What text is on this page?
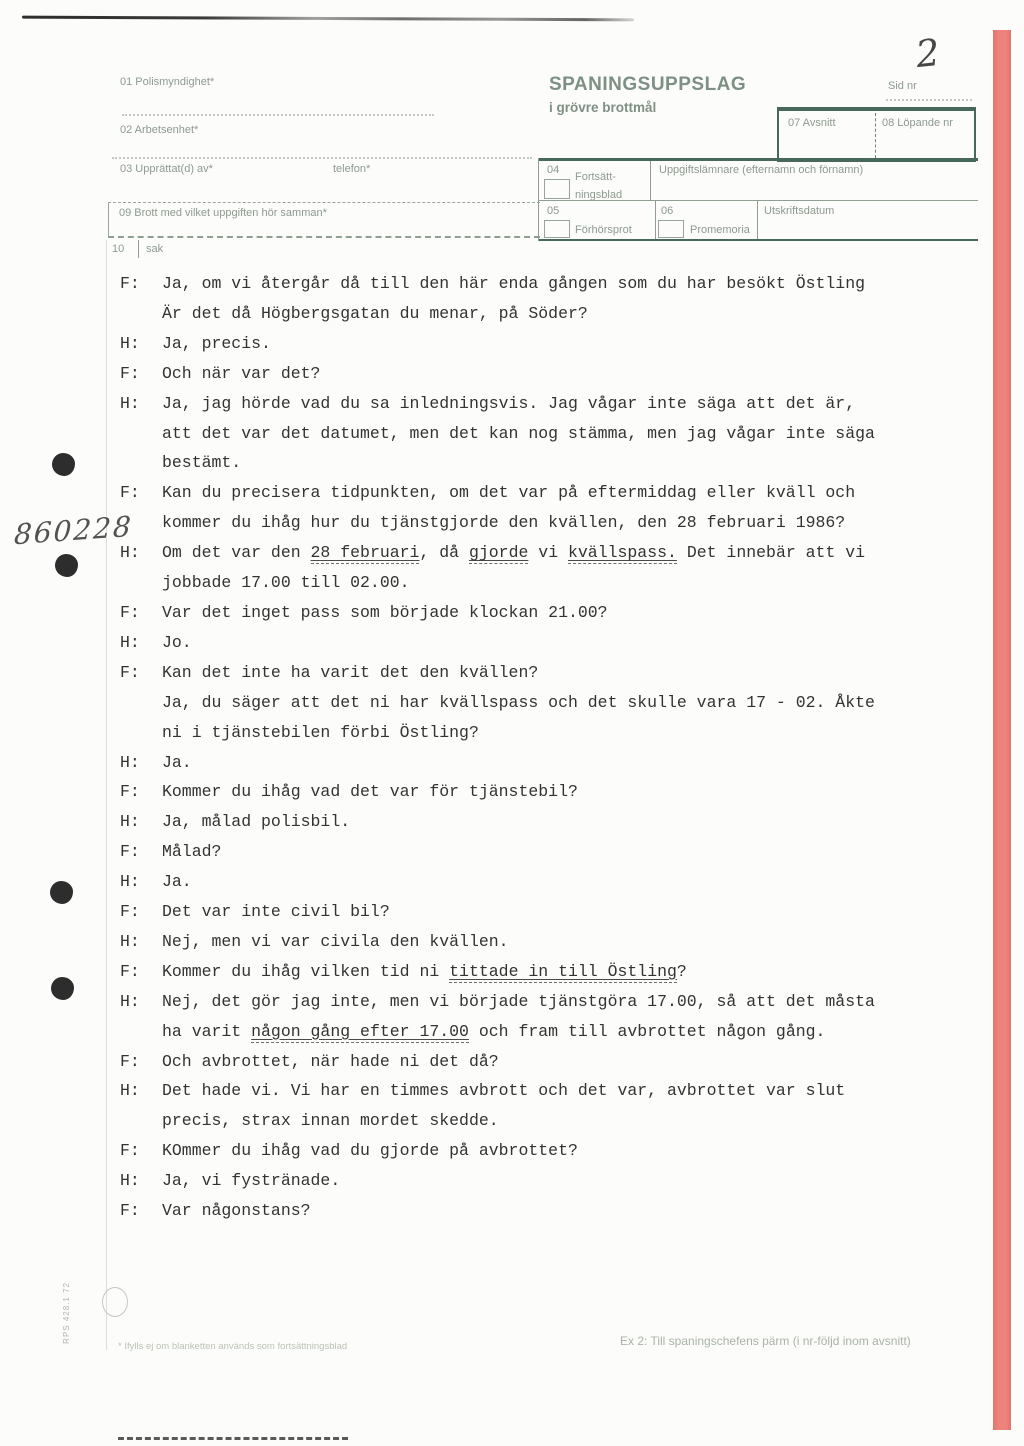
01 Polismyndighet*
02 Arbetsenhet*
03 Upprättat(d) av*	telefon*
09 Brott med vilket uppgiften hör samman*
10 sak
SPANINGSUPPSLAG
i grövre brottmål
Sid nr
2
07 Avsnitt	08 Löpande nr
04
Fortsätt-
ningsblad
Uppgiftslämnare (efternamn och förnamn)
05
Förhörsprot
06
Promemoria
Utskriftsdatum
860228
F: Ja, om vi återgår då till den här enda gången som du har besökt Östling
Är det då Högbergsgatan du menar, på Söder?
H: Ja, precis.
F: Och när var det?
H: Ja, jag hörde vad du sa inledningsvis. Jag vågar inte säga att det är,
att det var det datumet, men det kan nog stämma, men jag vågar inte säga
bestämt.
F: Kan du precisera tidpunkten, om det var på eftermiddag eller kväll och
kommer du ihåg hur du tjänstgjorde den kvällen, den 28 februari 1986?
H: Om det var den 28 februari, då gjorde vi kvällspass. Det innebär att vi
jobbade 17.00 till 02.00.
F: Var det inget pass som började klockan 21.00?
H: Jo.
F: Kan det inte ha varit det den kvällen?
Ja, du säger att det ni har kvällspass och det skulle vara 17 - 02. Åkte
ni i tjänstebilen förbi Östling?
H: Ja.
F: Kommer du ihåg vad det var för tjänstebil?
H: Ja, målad polisbil.
F: Målad?
H: Ja.
F: Det var inte civil bil?
H: Nej, men vi var civila den kvällen.
F: Kommer du ihåg vilken tid ni tittade in till Östling?
H: Nej, det gör jag inte, men vi började tjänstgöra 17.00, så att det måsta
ha varit någon gång efter 17.00 och fram till avbrottet någon gång.
F: Och avbrottet, när hade ni det då?
H: Det hade vi. Vi har en timmes avbrott och det var, avbrottet var slut
precis, strax innan mordet skedde.
F: KOmmer du ihåg vad du gjorde på avbrottet?
H: Ja, vi fystränade.
F: Var någonstans?
RPS 428.1 72
* Ifylls ej om blanketten används som fortsättningsblad	Ex 2: Till spaningschefens pärm (i nr-följd inom avsnitt)
